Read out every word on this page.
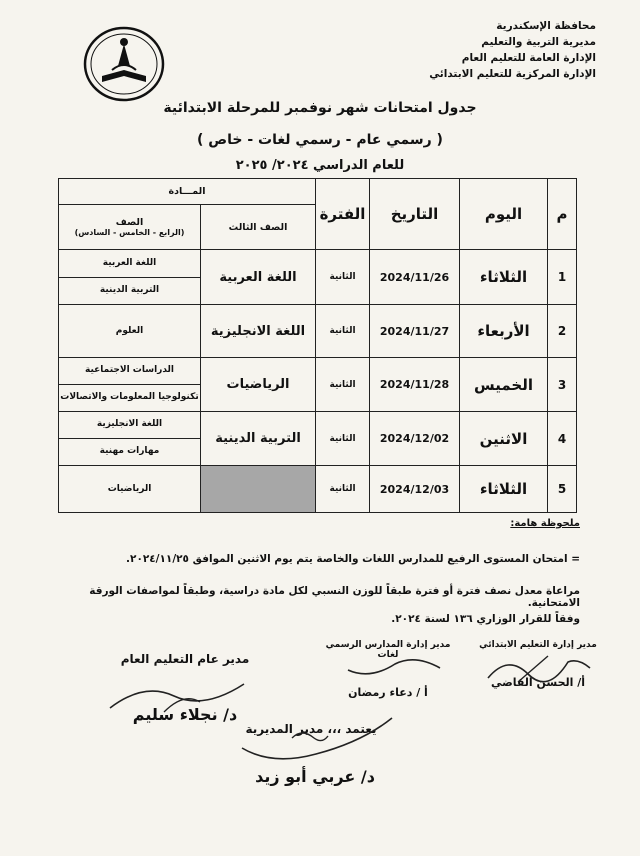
محافظة الإسكندرية
مديرية التربية والتعليم
الإدارة العامة للتعليم العام
الإدارة المركزية للتعليم الابتدائي
جدول امتحانات شهر نوفمبر للمرحلة الابتدائية
( رسمي عام - رسمي لغات - خاص )
للعام الدراسي ٢٠٢٤/ ٢٠٢٥
م	اليوم	التاريخ	الفترة	المـــادة	
				الصف الثالث	الصف
(الرابع - الخامس - السادس)

1	الثلاثاء	2024/11/26	الثانية	اللغة العربية	اللغة العربية
					التربية الدينية
2	الأربعاء	2024/11/27	الثانية	اللغة الانجليزية	العلوم
3	الخميس	2024/11/28	الثانية	الرياضيات	الدراسات الاجتماعية
					تكنولوجيا المعلومات والاتصالات
4	الاثنين	2024/12/02	الثانية	التربية الدينية	اللغة الانجليزية
					مهارات مهنية
5	الثلاثاء	2024/12/03	الثانية		الرياضيات
ملحوظة هامة:
= امتحان المستوى الرفيع للمدارس اللغات والخاصة يتم يوم الاثنين الموافق ٢٠٢٤/١١/٢٥.
مراعاة معدل نصف فترة أو فترة طبقاً للوزن النسبي لكل مادة دراسية، وطبقاً لمواصفات الورقة الامتحانية.
وفقاً للقرار الوزاري ١٣٦ لسنة ٢٠٢٤.
مدير إدارة التعليم الابتدائي
أ/ الحسن القاضي
مدير إدارة المدارس الرسمي لغات
أ / دعاء رمضان
مدير عام التعليم العام
د/ نجلاء سليم
يعتمد ،،، مدير المديرية
د/ عربي أبو زيد
